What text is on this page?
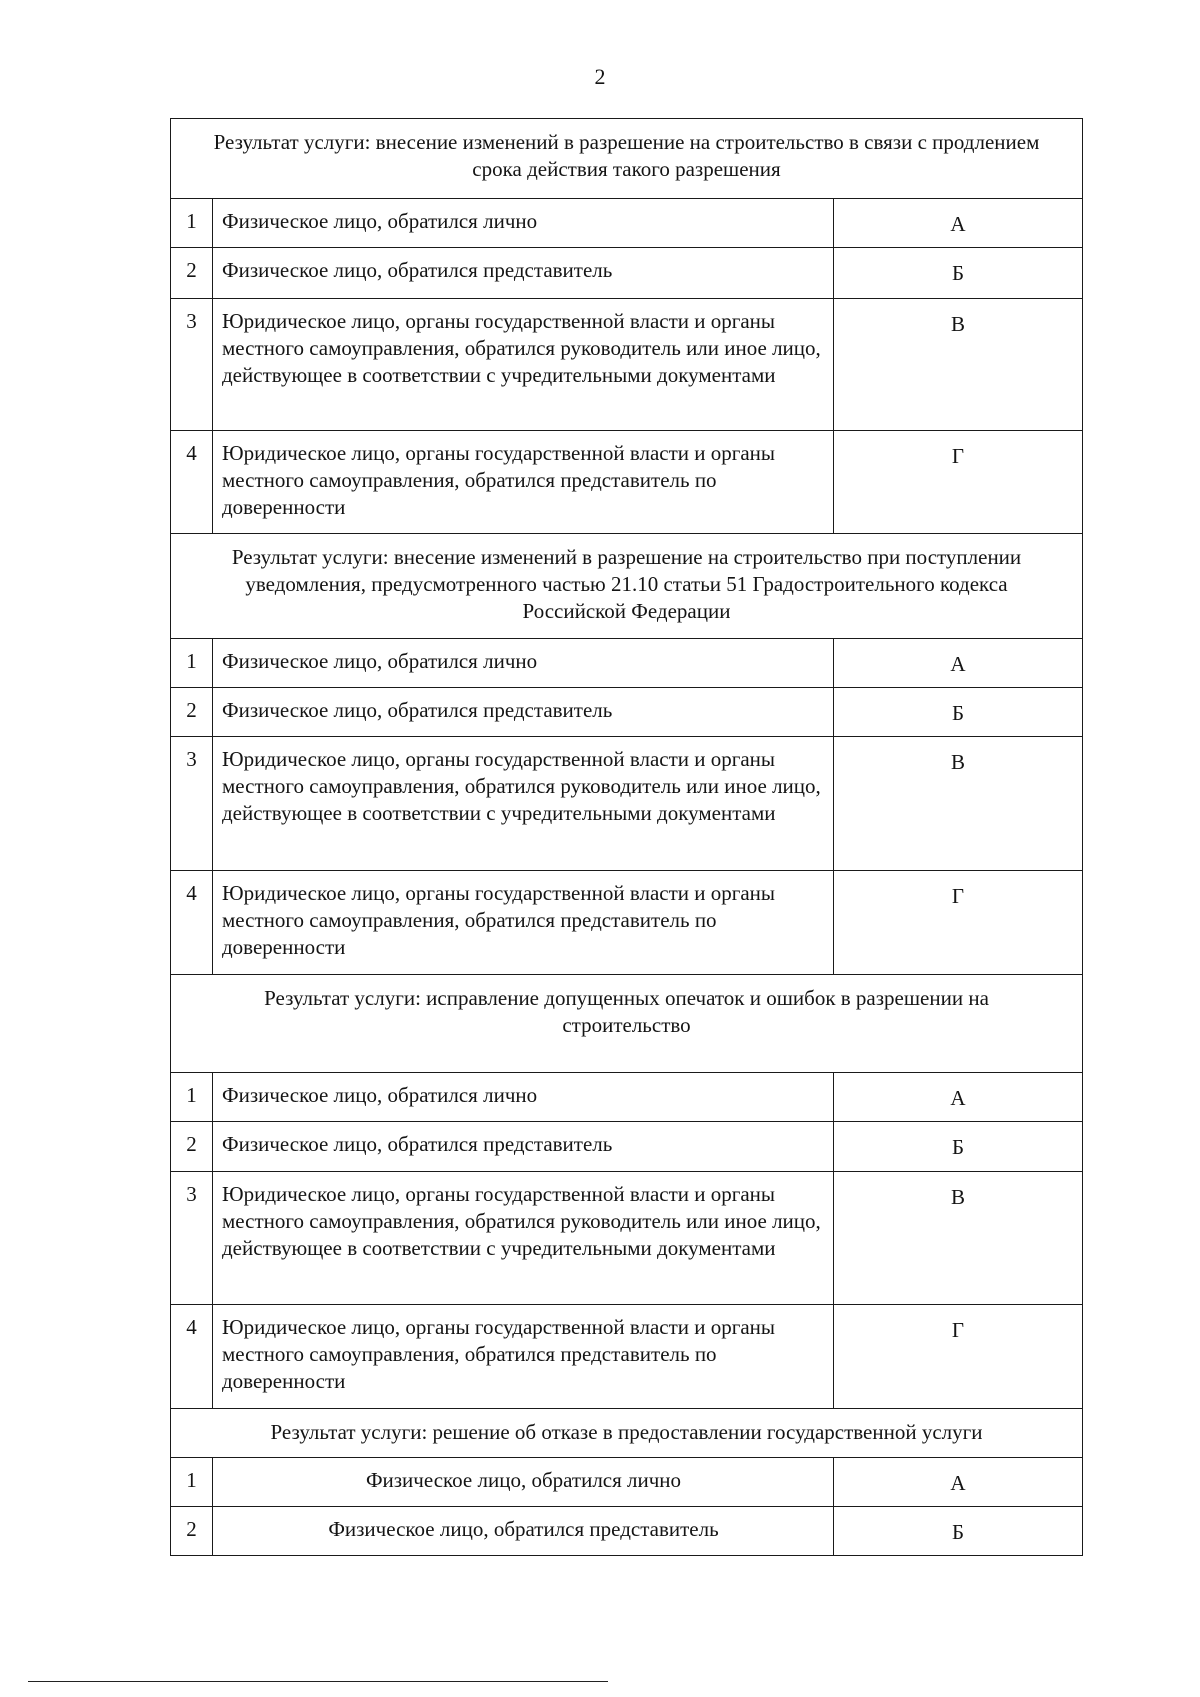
2
Результат услуги: внесение изменений в разрешение на строительство в связи с продлением срока действия такого разрешения		
1	Физическое лицо, обратился лично	А
2	Физическое лицо, обратился представитель	Б
3	Юридическое лицо, органы государственной власти и органы местного самоуправления, обратился руководитель или иное лицо, действующее в соответствии с учредительными документами	В
4	Юридическое лицо, органы государственной власти и органы местного самоуправления, обратился представитель по доверенности	Г
Результат услуги: внесение изменений в разрешение на строительство при поступлении уведомления, предусмотренного частью 21.10 статьи 51 Градостроительного кодекса Российской Федерации		
1	Физическое лицо, обратился лично	А
2	Физическое лицо, обратился представитель	Б
3	Юридическое лицо, органы государственной власти и органы местного самоуправления, обратился руководитель или иное лицо, действующее в соответствии с учредительными документами	В
4	Юридическое лицо, органы государственной власти и органы местного самоуправления, обратился представитель по доверенности	Г
Результат услуги: исправление допущенных опечаток и ошибок в разрешении на строительство		
1	Физическое лицо, обратился лично	А
2	Физическое лицо, обратился представитель	Б
3	Юридическое лицо, органы государственной власти и органы местного самоуправления, обратился руководитель или иное лицо, действующее в соответствии с учредительными документами	В
4	Юридическое лицо, органы государственной власти и органы местного самоуправления, обратился представитель по доверенности	Г
Результат услуги: решение об отказе в предоставлении государственной услуги		
1	Физическое лицо, обратился лично	А
2	Физическое лицо, обратился представитель	Б
